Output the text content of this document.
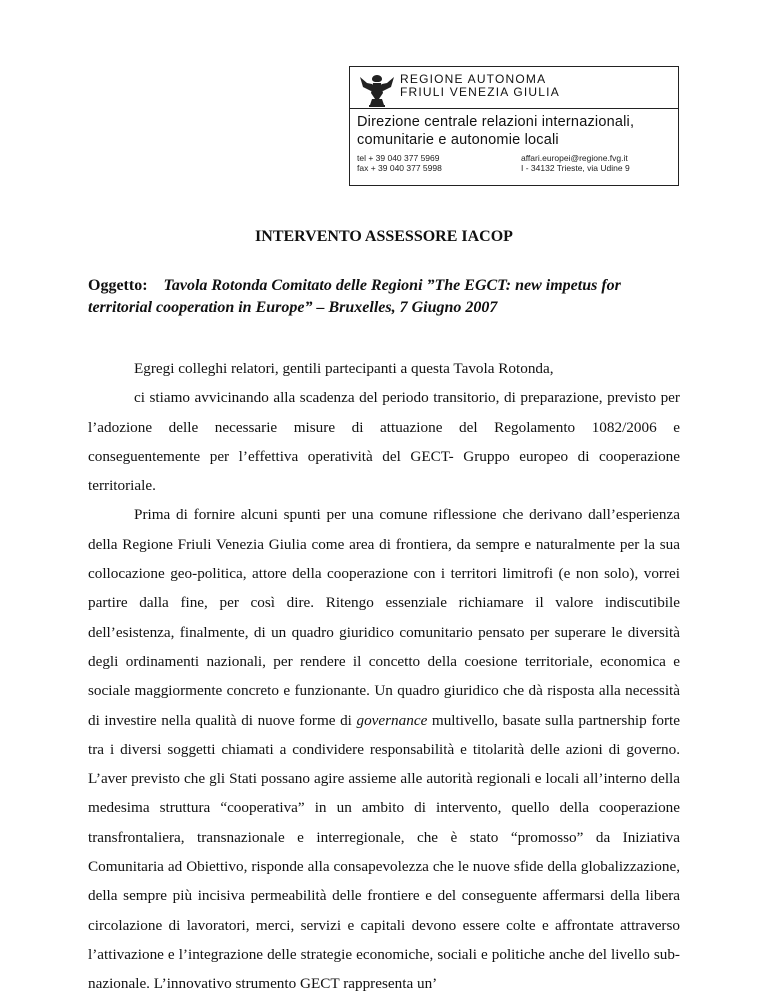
REGIONE AUTONOMA
FRIULI VENEZIA GIULIA
Direzione centrale relazioni internazionali,
comunitarie e autonomie locali
tel + 39 040 377 5969
fax + 39 040 377 5998
affari.europei@regione.fvg.it
I - 34132 Trieste, via Udine 9
INTERVENTO ASSESSORE IACOP
Oggetto: Tavola Rotonda Comitato delle Regioni ”The EGCT: new impetus for territorial cooperation in Europe” – Bruxelles, 7 Giugno 2007

Egregi colleghi relatori, gentili partecipanti a questa Tavola Rotonda,

ci stiamo avvicinando alla scadenza del periodo transitorio, di preparazione, previsto per l’adozione delle necessarie misure di attuazione del Regolamento 1082/2006 e conseguentemente per l’effettiva operatività del GECT- Gruppo europeo di cooperazione territoriale.

Prima di fornire alcuni spunti per una comune riflessione che derivano dall’esperienza della Regione Friuli Venezia Giulia come area di frontiera, da sempre e naturalmente per la sua collocazione geo-politica, attore della cooperazione con i territori limitrofi (e non solo), vorrei partire dalla fine, per così dire. Ritengo essenziale richiamare il valore indiscutibile dell’esistenza, finalmente, di un quadro giuridico comunitario pensato per superare le diversità degli ordinamenti nazionali, per rendere il concetto della coesione territoriale, economica e sociale maggiormente concreto e funzionante. Un quadro giuridico che dà risposta alla necessità di investire nella qualità di nuove forme di governance multivello, basate sulla partnership forte tra i diversi soggetti chiamati a condividere responsabilità e titolarità delle azioni di governo. L’aver previsto che gli Stati possano agire assieme alle autorità regionali e locali all’interno della medesima struttura “cooperativa” in un ambito di intervento, quello della cooperazione transfrontaliera, transnazionale e interregionale, che è stato “promosso” da Iniziativa Comunitaria ad Obiettivo, risponde alla consapevolezza che le nuove sfide della globalizzazione, della sempre più incisiva permeabilità delle frontiere e del conseguente affermarsi della libera circolazione di lavoratori, merci, servizi e capitali devono essere colte e affrontate attraverso l’attivazione e l’integrazione delle strategie economiche, sociali e politiche anche del livello sub-nazionale. L’innovativo strumento GECT rappresenta un’
